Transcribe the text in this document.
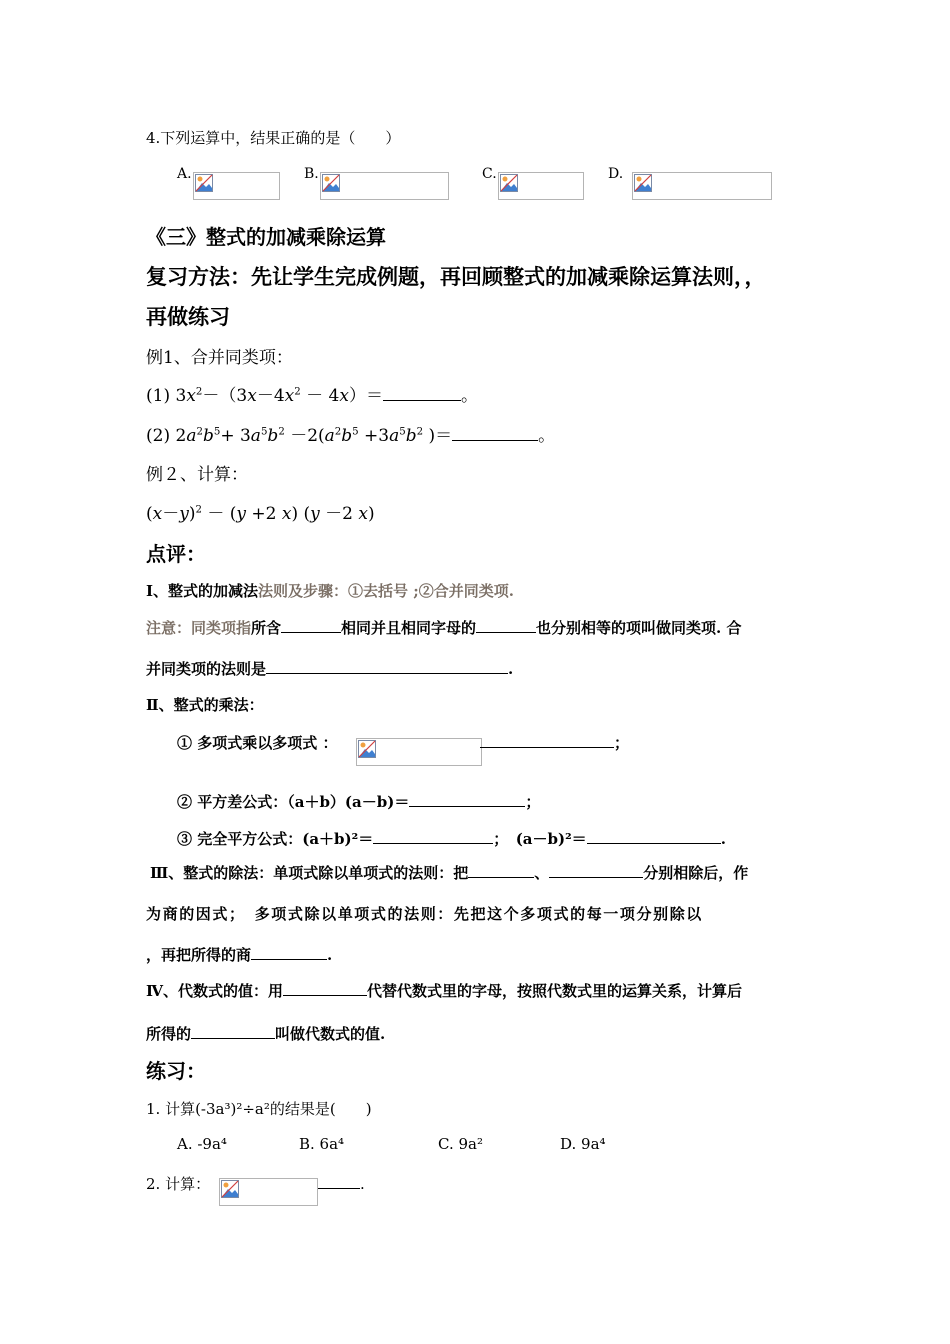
4.下列运算中，结果正确的是（　　）
A.	B.	C.	D.
《三》整式的加减乘除运算
复习方法：先让学生完成例题，再回顾整式的加减乘除运算法则，，
再做练习
例1、合并同类项：
(1) $3x^2-(3x-4x^2 - 4x)=$	。
(2) $2a^2b^5+ 3a^5b^2 -2(a^2b^5 +3a^5b^2$ )＝	。
例２、计算：
$(x-y)^2 - (y +2$ x) (y －2 x)
点评：
Ⅰ、整式的加减法法则及步骤：①去括号 ;②合并同类项.
注意：同类项指所含	相同并且相同字母的	也分别相等的项叫做同类项. 合
并同类项的法则是	.
Ⅱ、整式的乘法：
① 多项式乘以多项式 ：	；
② 平方差公式：（a＋b）(a－b)＝	；
③ 完全平方公式：(a＋b)²＝	；　(a－b)²＝	.
Ⅲ、整式的除法：单项式除以单项式的法则：把	、	分别相除后，作
为商的因式；　多项式除以单项式的法则：先把这个多项式的每一项分别除以
，再把所得的商	.
Ⅳ、代数式的值：用	代替代数式里的字母，按照代数式里的运算关系，计算后
所得的	叫做代数式的值.
练习：
1. 计算(-3a³)²÷a²的结果是(　　)
A. -9a⁴	B. 6a⁴	C. 9a²	D. 9a⁴
2. 计算：	.
